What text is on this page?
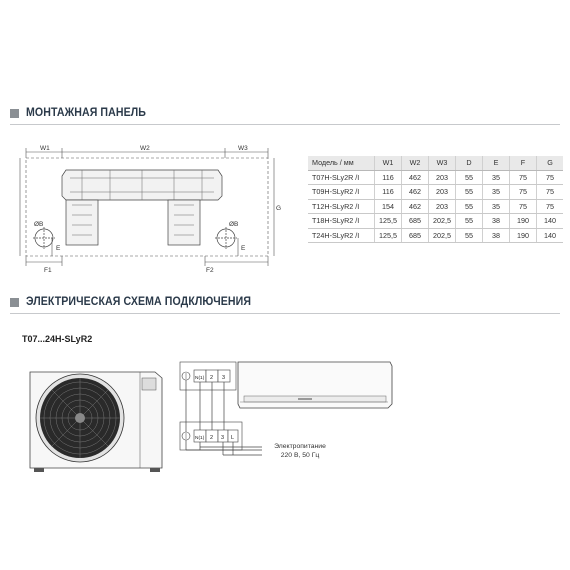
МОНТАЖНАЯ ПАНЕЛЬ
W1	W2	W3
F1	F2
E	E
G
ØB	ØB
Модель / мм	W1	W2	W3	D	E	F	G
T07H-SLy2R /I	116	462	203	55	35	75	75
T09H-SLyR2 /I	116	462	203	55	35	75	75
T12H-SLyR2 /I	154	462	203	55	35	75	75
T18H-SLyR2 /I	125,5	685	202,5	55	38	190	140
T24H-SLyR2 /I	125,5	685	202,5	55	38	190	140
ЭЛЕКТРИЧЕСКАЯ СХЕМА ПОДКЛЮЧЕНИЯ
T07...24H-SLyR2
N(1) 2 3
N(1) 2 3 L
Электропитание
220 В, 50 Гц
